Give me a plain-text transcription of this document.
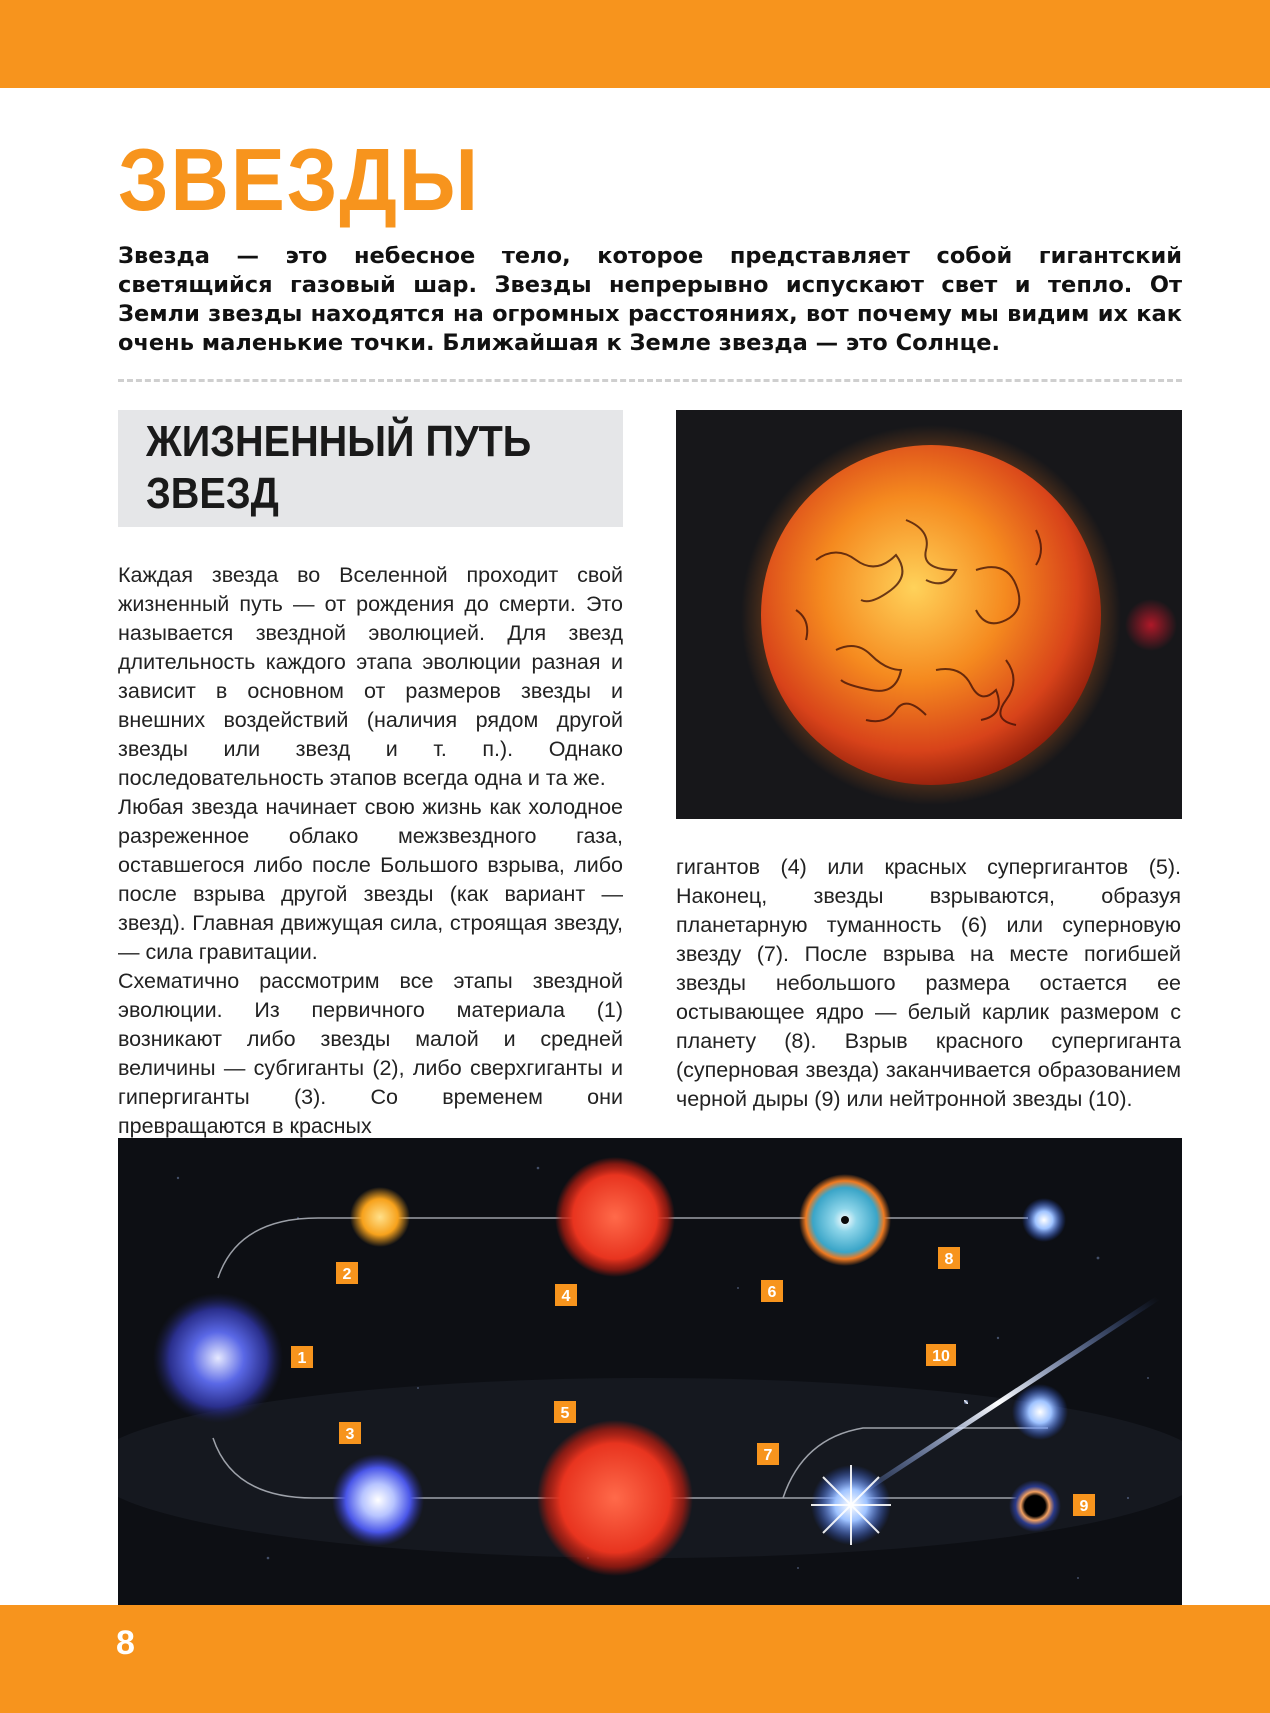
ЗВЕЗДЫ

Звезда — это небесное тело, которое представляет собой гигантский светящийся газовый шар. Звезды непрерывно испускают свет и тепло. От Земли звезды находятся на огромных расстояниях, вот почему мы видим их как очень маленькие точки. Ближайшая к Земле звезда — это Солнце.

ЖИЗНЕННЫЙ ПУТЬ
ЗВЕЗД

Каждая звезда во Вселенной проходит свой жизненный путь — от рождения до смерти. Это называется звездной эволюцией. Для звезд длительность каждого этапа эволюции разная и зависит в основном от размеров звезды и внешних воздействий (наличия рядом другой звезды или звезд и т. п.). Однако последовательность этапов всегда одна и та же.

Любая звезда начинает свою жизнь как холодное разреженное облако межзвездного газа, оставшегося либо после Большого взрыва, либо после взрыва другой звезды (как вариант — звезд). Главная движущая сила, строящая звезду, — сила гравитации.

Схематично рассмотрим все этапы звездной эволюции. Из первичного материала (1) возникают либо звезды малой и средней величины — субгиганты (2), либо сверхгиганты и гипергиганты (3). Со временем они превращаются в красных

гигантов (4) или красных супергигантов (5). Наконец, звезды взрываются, образуя планетарную туманность (6) или суперновую звезду (7). После взрыва на месте погибшей звезды небольшого размера остается ее остывающее ядро — белый карлик размером с планету (8). Взрыв красного супергиганта (суперновая звезда) заканчивается образованием черной дыры (9) или нейтронной звезды (10).

1
2
3
4
5
6
7
8
9
10
8
